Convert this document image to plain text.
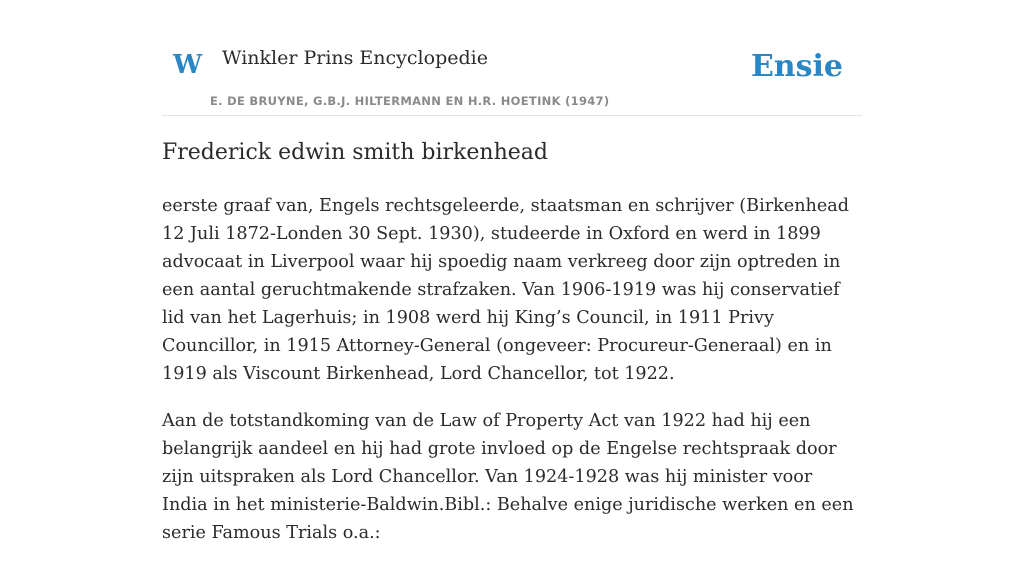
W Winkler Prins Encyclopedie
E. DE BRUYNE, G.B.J. HILTERMANN EN H.R. HOETINK (1947)
Ensie
Frederick edwin smith birkenhead

eerste graaf van, Engels rechtsgeleerde, staatsman en schrijver (Birkenhead 12 Juli 1872-Londen 30 Sept. 1930), studeerde in Oxford en werd in 1899 advocaat in Liverpool waar hij spoedig naam verkreeg door zijn optreden in een aantal geruchtmakende strafzaken. Van 1906-1919 was hij conservatief lid van het Lagerhuis; in 1908 werd hij King’s Council, in 1911 Privy Councillor, in 1915 Attorney-General (ongeveer: Procureur-Generaal) en in 1919 als Viscount Birkenhead, Lord Chancellor, tot 1922.

Aan de totstandkoming van de Law of Property Act van 1922 had hij een belangrijk aandeel en hij had grote invloed op de Engelse rechtspraak door zijn uitspraken als Lord Chancellor. Van 1924-1928 was hij minister voor India in het ministerie-Baldwin.Bibl.: Behalve enige juridische werken en een serie Famous Trials o.a.:
